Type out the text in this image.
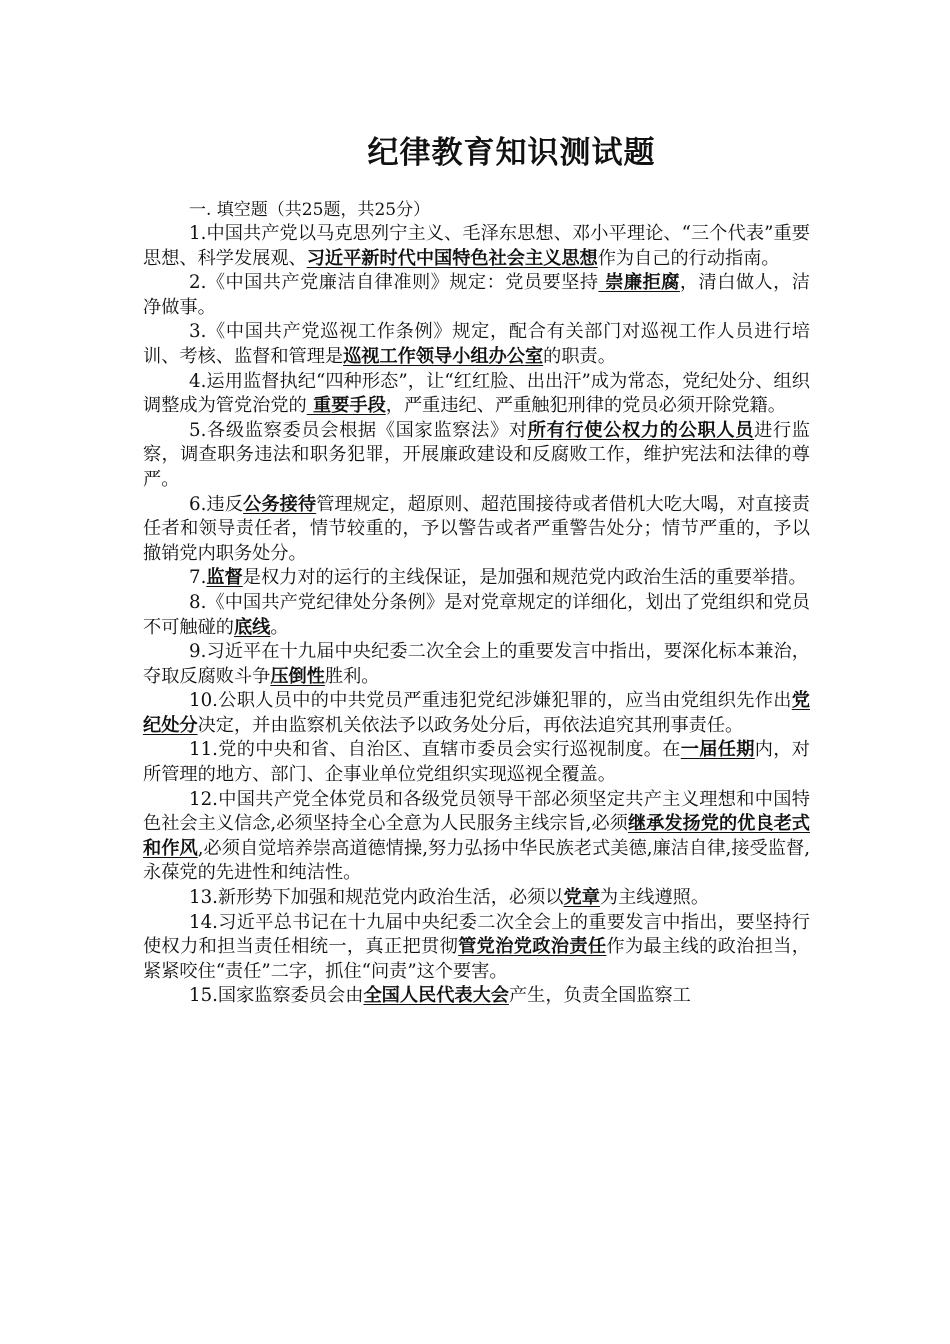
纪律教育知识测试题
一. 填空题（共25题，共25分）

1.中国共产党以马克思列宁主义、毛泽东思想、邓小平理论、“三个代表”重要思想、科学发展观、习近平新时代中国特色社会主义思想作为自己的行动指南。

2.《中国共产党廉洁自律准则》规定：党员要坚持 崇廉拒腐，清白做人，洁净做事。

3.《中国共产党巡视工作条例》规定，配合有关部门对巡视工作人员进行培训、考核、监督和管理是巡视工作领导小组办公室的职责。

4.运用监督执纪“四种形态”，让“红红脸、出出汗”成为常态，党纪处分、组织调整成为管党治党的 重要手段，严重违纪、严重触犯刑律的党员必须开除党籍。

5.各级监察委员会根据《国家监察法》对所有行使公权力的公职人员进行监察，调查职务违法和职务犯罪，开展廉政建设和反腐败工作，维护宪法和法律的尊严。

6.违反公务接待管理规定，超原则、超范围接待或者借机大吃大喝，对直接责任者和领导责任者，情节较重的，予以警告或者严重警告处分；情节严重的，予以撤销党内职务处分。

7.监督是权力对的运行的主线保证，是加强和规范党内政治生活的重要举措。

8.《中国共产党纪律处分条例》是对党章规定的详细化，划出了党组织和党员不可触碰的底线。

9.习近平在十九届中央纪委二次全会上的重要发言中指出，要深化标本兼治，夺取反腐败斗争压倒性胜利。

10.公职人员中的中共党员严重违犯党纪涉嫌犯罪的，应当由党组织先作出党纪处分决定，并由监察机关依法予以政务处分后，再依法追究其刑事责任。

11.党的中央和省、自治区、直辖市委员会实行巡视制度。在一届任期内，对所管理的地方、部门、企事业单位党组织实现巡视全覆盖。

12.中国共产党全体党员和各级党员领导干部必须坚定共产主义理想和中国特色社会主义信念,必须坚持全心全意为人民服务主线宗旨,必须继承发扬党的优良老式和作风,必须自觉培养崇高道德情操,努力弘扬中华民族老式美德,廉洁自律,接受监督,永葆党的先进性和纯洁性。

13.新形势下加强和规范党内政治生活，必须以党章为主线遵照。

14.习近平总书记在十九届中央纪委二次全会上的重要发言中指出，要坚持行使权力和担当责任相统一，真正把贯彻管党治党政治责任作为最主线的政治担当，紧紧咬住“责任”二字，抓住“问责”这个要害。

15.国家监察委员会由全国人民代表大会产生，负责全国监察工
